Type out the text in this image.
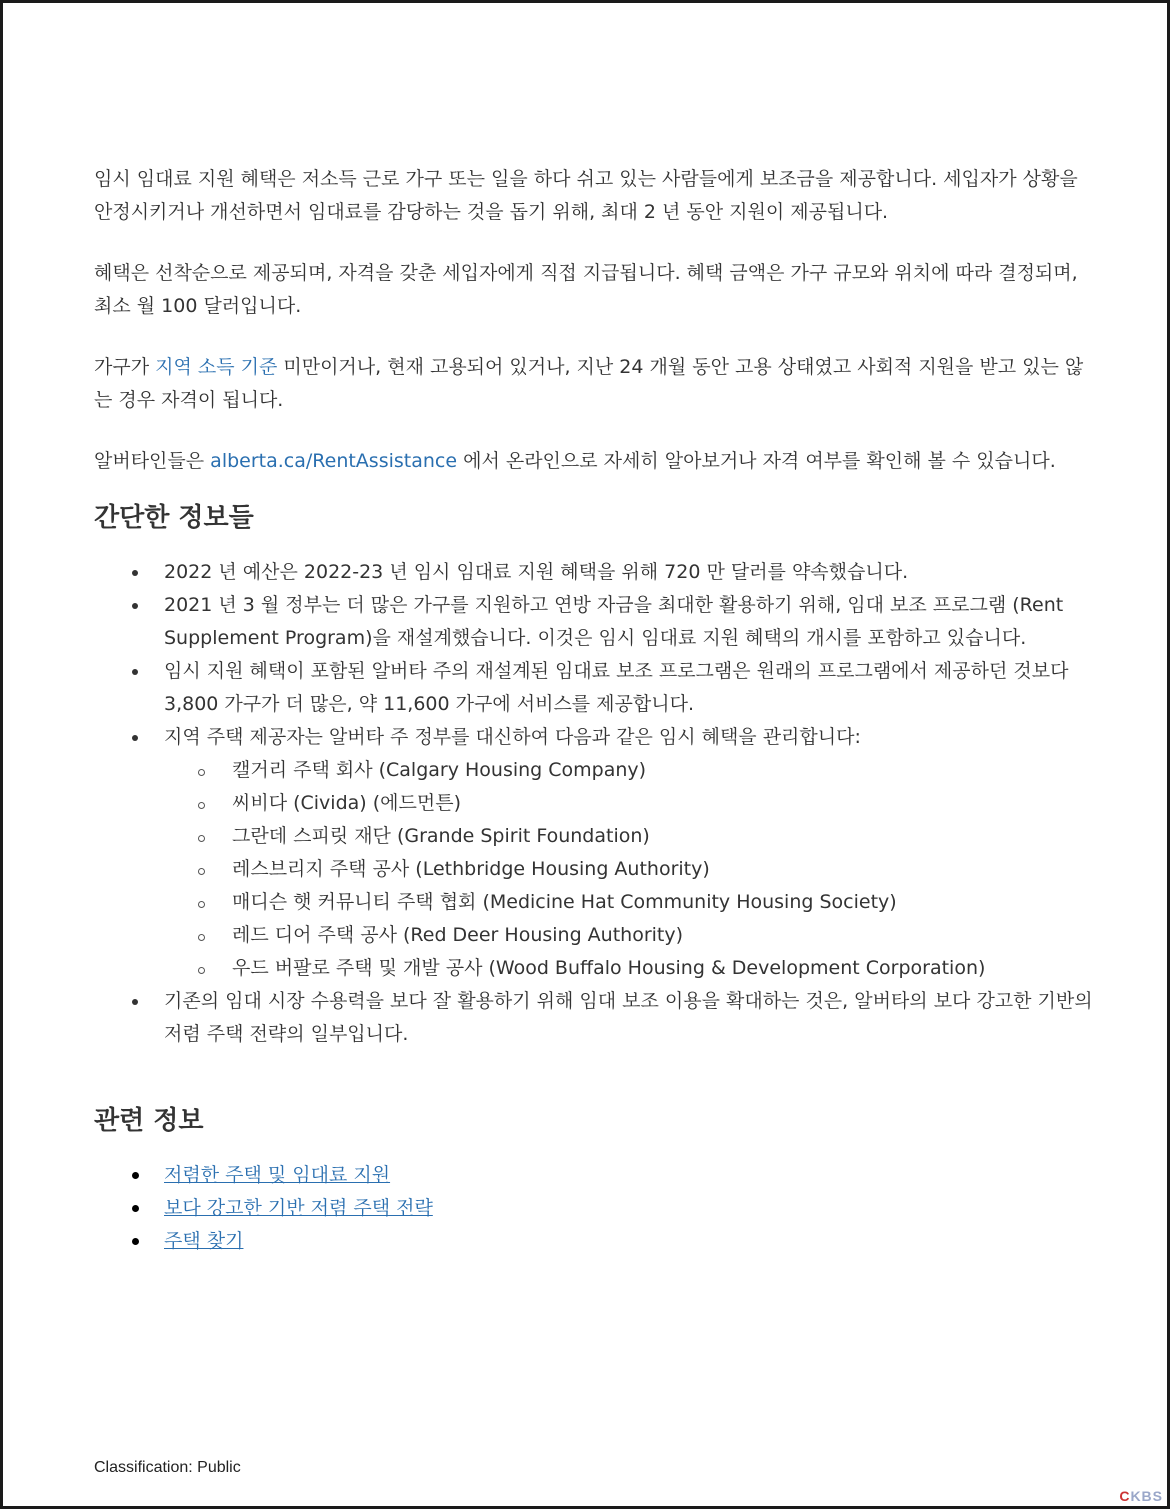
임시 임대료 지원 혜택은 저소득 근로 가구 또는 일을 하다 쉬고 있는 사람들에게 보조금을 제공합니다. 세입자가 상황을 안정시키거나 개선하면서 임대료를 감당하는 것을 돕기 위해, 최대 2 년 동안 지원이 제공됩니다.

혜택은 선착순으로 제공되며, 자격을 갖춘 세입자에게 직접 지급됩니다. 혜택 금액은 가구 규모와 위치에 따라 결정되며, 최소 월 100 달러입니다.

가구가 지역 소득 기준 미만이거나, 현재 고용되어 있거나, 지난 24 개월 동안 고용 상태였고 사회적 지원을 받고 있는 않는 경우 자격이 됩니다.

알버타인들은 alberta.ca/RentAssistance 에서 온라인으로 자세히 알아보거나 자격 여부를 확인해 볼 수 있습니다.

간단한 정보들
2022 년 예산은 2022-23 년 임시 임대료 지원 혜택을 위해 720 만 달러를 약속했습니다.
2021 년 3 월 정부는 더 많은 가구를 지원하고 연방 자금을 최대한 활용하기 위해, 임대 보조 프로그램 (Rent Supplement Program)을 재설계했습니다. 이것은 임시 임대료 지원 혜택의 개시를 포함하고 있습니다.
임시 지원 혜택이 포함된 알버타 주의 재설계된 임대료 보조 프로그램은 원래의 프로그램에서 제공하던 것보다 3,800 가구가 더 많은, 약 11,600 가구에 서비스를 제공합니다.
지역 주택 제공자는 알버타 주 정부를 대신하여 다음과 같은 임시 혜택을 관리합니다:
캘거리 주택 회사 (Calgary Housing Company)
씨비다 (Civida) (에드먼튼)
그란데 스피릿 재단 (Grande Spirit Foundation)
레스브리지 주택 공사 (Lethbridge Housing Authority)
매디슨 햇 커뮤니티 주택 협회 (Medicine Hat Community Housing Society)
레드 디어 주택 공사 (Red Deer Housing Authority)
우드 버팔로 주택 및 개발 공사 (Wood Buffalo Housing & Development Corporation)
기존의 임대 시장 수용력을 보다 잘 활용하기 위해 임대 보조 이용을 확대하는 것은, 알버타의 보다 강고한 기반의 저렴 주택 전략의 일부입니다.
관련 정보
저렴한 주택 및 임대료 지원
보다 강고한 기반 저렴 주택 전략
주택 찾기
Classification: Public
CKBS
